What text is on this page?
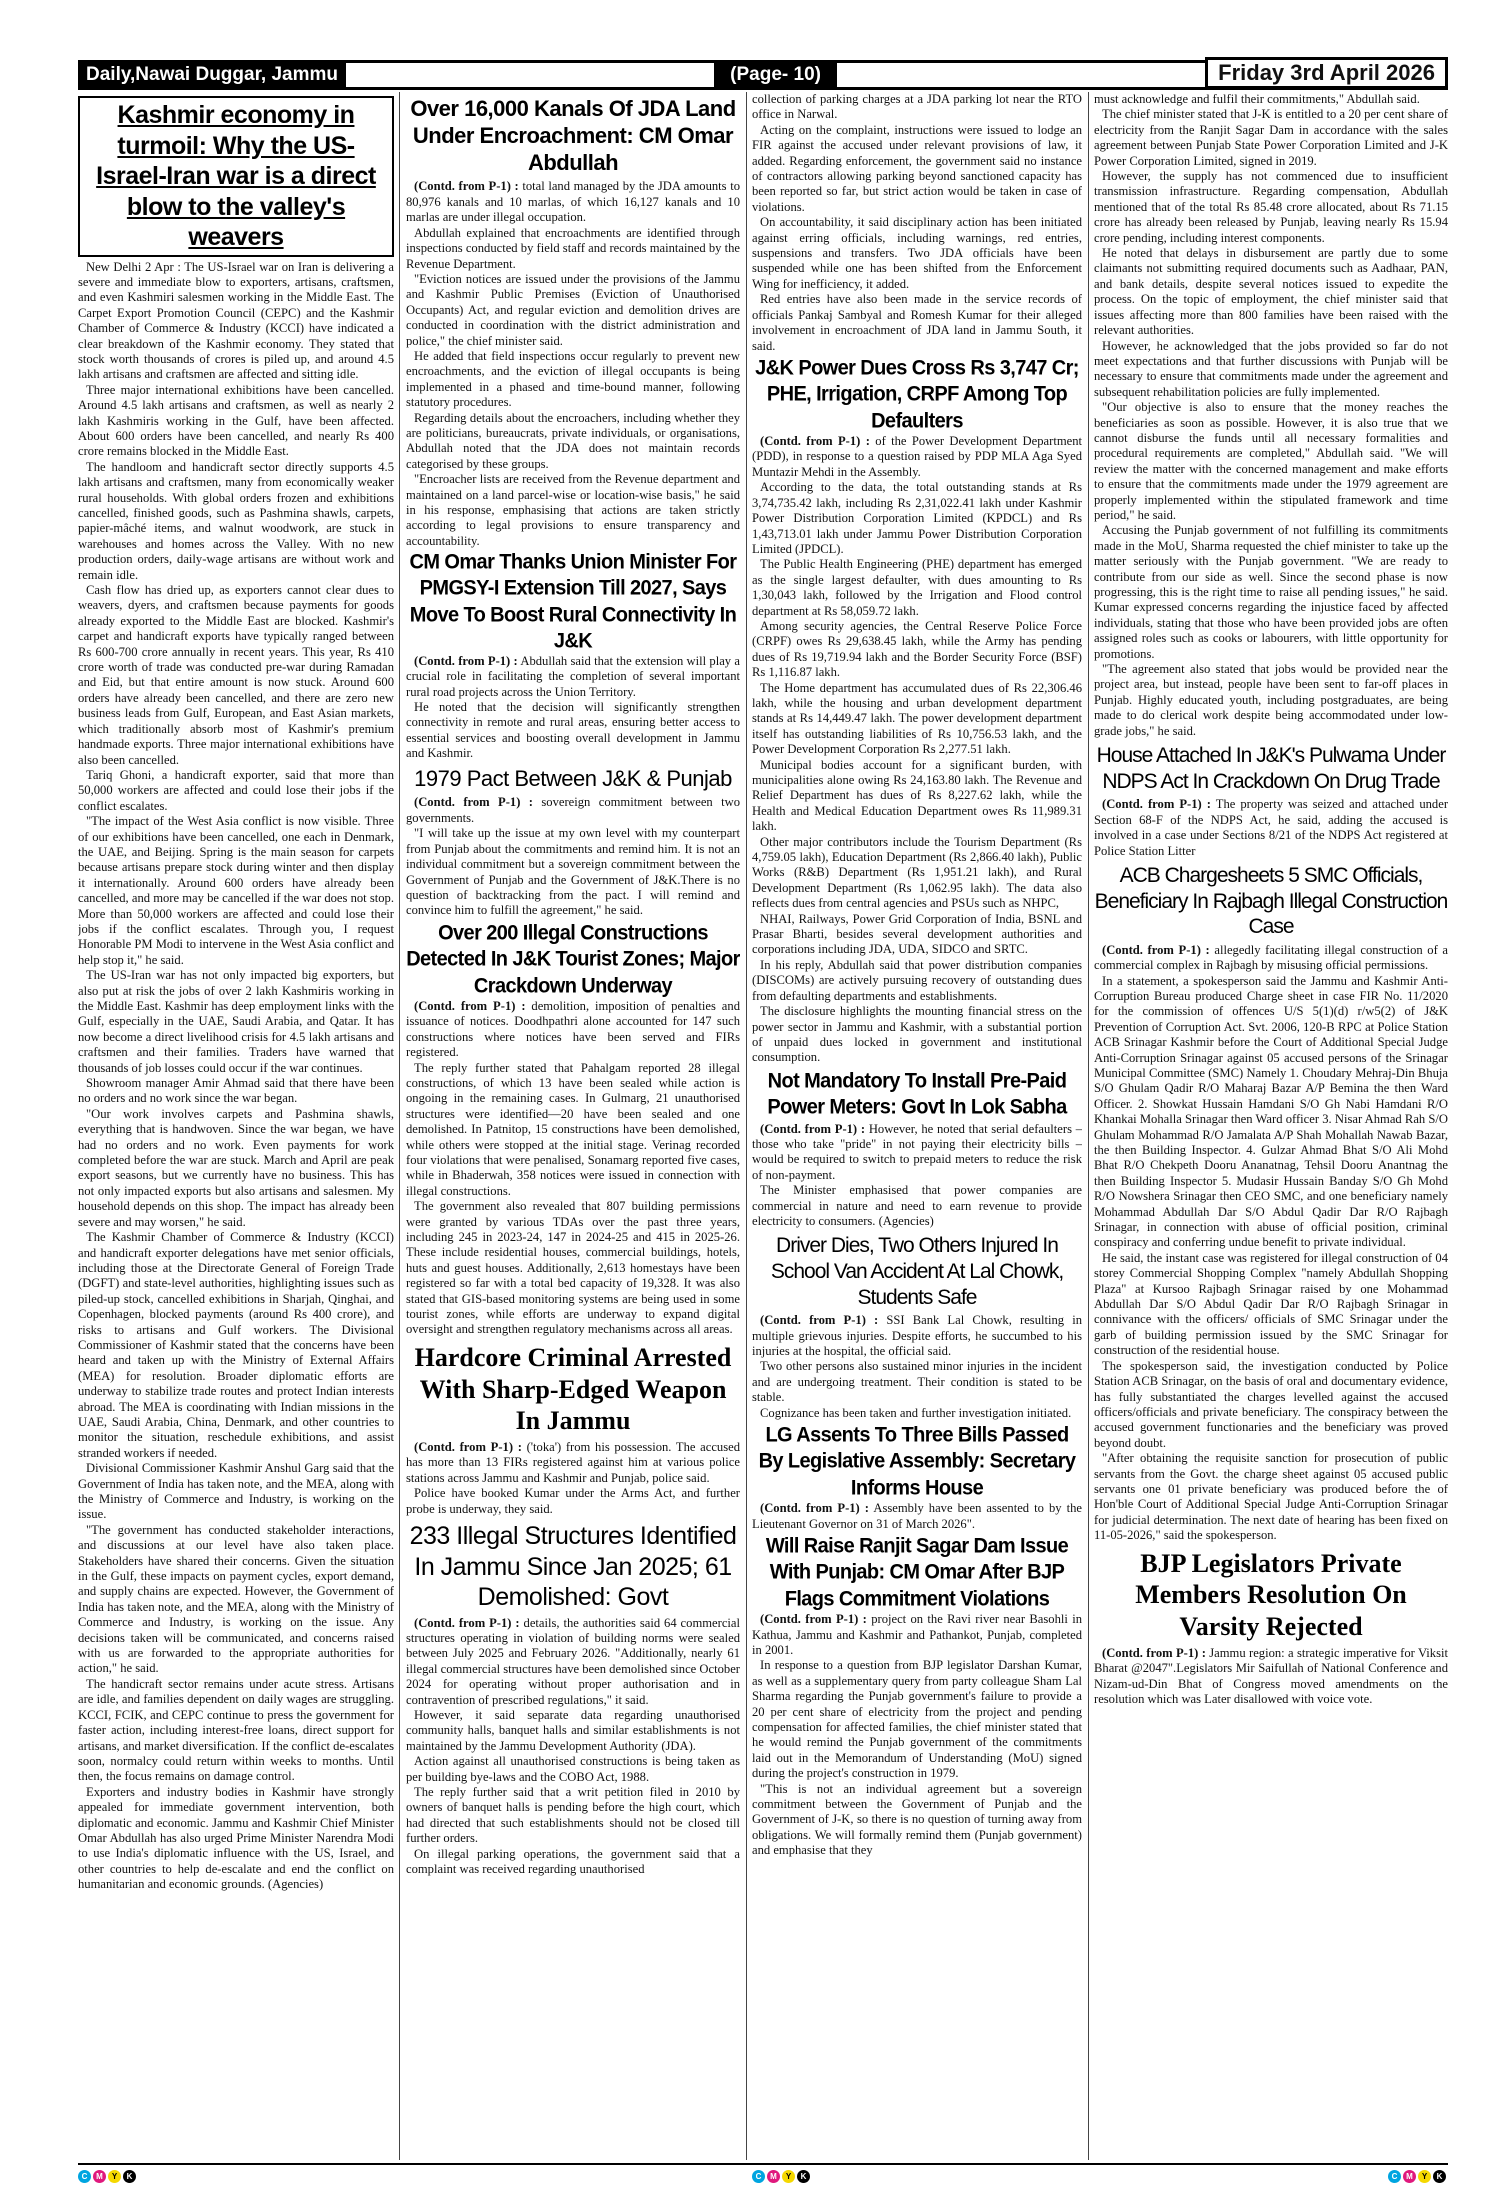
Daily,Nawai Duggar, Jammu	(Page- 10)	Friday 3rd April 2026
Kashmir economy in turmoil: Why the US-Israel-Iran war is a direct blow to the valley's weavers

New Delhi 2 Apr : The US-Israel war on Iran is delivering a severe and immediate blow to exporters, artisans, craftsmen, and even Kashmiri salesmen working in the Middle East. The Carpet Export Promotion Council (CEPC) and the Kashmir Chamber of Commerce & Industry (KCCI) have indicated a clear breakdown of the Kashmir economy. They stated that stock worth thousands of crores is piled up, and around 4.5 lakh artisans and craftsmen are affected and sitting idle.

Three major international exhibitions have been cancelled. Around 4.5 lakh artisans and craftsmen, as well as nearly 2 lakh Kashmiris working in the Gulf, have been affected. About 600 orders have been cancelled, and nearly Rs 400 crore remains blocked in the Middle East.

The handloom and handicraft sector directly supports 4.5 lakh artisans and craftsmen, many from economically weaker rural households. With global orders frozen and exhibitions cancelled, finished goods, such as Pashmina shawls, carpets, papier-mâché items, and walnut woodwork, are stuck in warehouses and homes across the Valley. With no new production orders, daily-wage artisans are without work and remain idle.

Cash flow has dried up, as exporters cannot clear dues to weavers, dyers, and craftsmen because payments for goods already exported to the Middle East are blocked. Kashmir's carpet and handicraft exports have typically ranged between Rs 600-700 crore annually in recent years. This year, Rs 410 crore worth of trade was conducted pre-war during Ramadan and Eid, but that entire amount is now stuck. Around 600 orders have already been cancelled, and there are zero new business leads from Gulf, European, and East Asian markets, which traditionally absorb most of Kashmir's premium handmade exports. Three major international exhibitions have also been cancelled.

Tariq Ghoni, a handicraft exporter, said that more than 50,000 workers are affected and could lose their jobs if the conflict escalates.

"The impact of the West Asia conflict is now visible. Three of our exhibitions have been cancelled, one each in Denmark, the UAE, and Beijing. Spring is the main season for carpets because artisans prepare stock during winter and then display it internationally. Around 600 orders have already been cancelled, and more may be cancelled if the war does not stop. More than 50,000 workers are affected and could lose their jobs if the conflict escalates. Through you, I request Honorable PM Modi to intervene in the West Asia conflict and help stop it," he said.

The US-Iran war has not only impacted big exporters, but also put at risk the jobs of over 2 lakh Kashmiris working in the Middle East. Kashmir has deep employment links with the Gulf, especially in the UAE, Saudi Arabia, and Qatar. It has now become a direct livelihood crisis for 4.5 lakh artisans and craftsmen and their families. Traders have warned that thousands of job losses could occur if the war continues.

Showroom manager Amir Ahmad said that there have been no orders and no work since the war began.

"Our work involves carpets and Pashmina shawls, everything that is handwoven. Since the war began, we have had no orders and no work. Even payments for work completed before the war are stuck. March and April are peak export seasons, but we currently have no business. This has not only impacted exports but also artisans and salesmen. My household depends on this shop. The impact has already been severe and may worsen," he said.

The Kashmir Chamber of Commerce & Industry (KCCI) and handicraft exporter delegations have met senior officials, including those at the Directorate General of Foreign Trade (DGFT) and state-level authorities, highlighting issues such as piled-up stock, cancelled exhibitions in Sharjah, Qinghai, and Copenhagen, blocked payments (around Rs 400 crore), and risks to artisans and Gulf workers. The Divisional Commissioner of Kashmir stated that the concerns have been heard and taken up with the Ministry of External Affairs (MEA) for resolution. Broader diplomatic efforts are underway to stabilize trade routes and protect Indian interests abroad. The MEA is coordinating with Indian missions in the UAE, Saudi Arabia, China, Denmark, and other countries to monitor the situation, reschedule exhibitions, and assist stranded workers if needed.

Divisional Commissioner Kashmir Anshul Garg said that the Government of India has taken note, and the MEA, along with the Ministry of Commerce and Industry, is working on the issue.

"The government has conducted stakeholder interactions, and discussions at our level have also taken place. Stakeholders have shared their concerns. Given the situation in the Gulf, these impacts on payment cycles, export demand, and supply chains are expected. However, the Government of India has taken note, and the MEA, along with the Ministry of Commerce and Industry, is working on the issue. Any decisions taken will be communicated, and concerns raised with us are forwarded to the appropriate authorities for action," he said.

The handicraft sector remains under acute stress. Artisans are idle, and families dependent on daily wages are struggling. KCCI, FCIK, and CEPC continue to press the government for faster action, including interest-free loans, direct support for artisans, and market diversification. If the conflict de-escalates soon, normalcy could return within weeks to months. Until then, the focus remains on damage control.

Exporters and industry bodies in Kashmir have strongly appealed for immediate government intervention, both diplomatic and economic. Jammu and Kashmir Chief Minister Omar Abdullah has also urged Prime Minister Narendra Modi to use India's diplomatic influence with the US, Israel, and other countries to help de-escalate and end the conflict on humanitarian and economic grounds. (Agencies)

Over 16,000 Kanals Of JDA Land Under Encroachment: CM Omar Abdullah

(Contd. from P-1) : total land managed by the JDA amounts to 80,976 kanals and 10 marlas, of which 16,127 kanals and 10 marlas are under illegal occupation.

Abdullah explained that encroachments are identified through inspections conducted by field staff and records maintained by the Revenue Department.

"Eviction notices are issued under the provisions of the Jammu and Kashmir Public Premises (Eviction of Unauthorised Occupants) Act, and regular eviction and demolition drives are conducted in coordination with the district administration and police," the chief minister said.

He added that field inspections occur regularly to prevent new encroachments, and the eviction of illegal occupants is being implemented in a phased and time-bound manner, following statutory procedures.

Regarding details about the encroachers, including whether they are politicians, bureaucrats, private individuals, or organisations, Abdullah noted that the JDA does not maintain records categorised by these groups.

"Encroacher lists are received from the Revenue department and maintained on a land parcel-wise or location-wise basis," he said in his response, emphasising that actions are taken strictly according to legal provisions to ensure transparency and accountability.

CM Omar Thanks Union Minister For PMGSY-I Extension Till 2027, Says Move To Boost Rural Connectivity In J&K

(Contd. from P-1) : Abdullah said that the extension will play a crucial role in facilitating the completion of several important rural road projects across the Union Territory.

He noted that the decision will significantly strengthen connectivity in remote and rural areas, ensuring better access to essential services and boosting overall development in Jammu and Kashmir.

1979 Pact Between J&K & Punjab

(Contd. from P-1) : sovereign commitment between two governments.

"I will take up the issue at my own level with my counterpart from Punjab about the commitments and remind him. It is not an individual commitment but a sovereign commitment between the Government of Punjab and the Government of J&K.There is no question of backtracking from the pact. I will remind and convince him to fulfill the agreement," he said.

Over 200 Illegal Constructions Detected In J&K Tourist Zones; Major Crackdown Underway

(Contd. from P-1) : demolition, imposition of penalties and issuance of notices. Doodhpathri alone accounted for 147 such constructions where notices have been served and FIRs registered.

The reply further stated that Pahalgam reported 28 illegal constructions, of which 13 have been sealed while action is ongoing in the remaining cases. In Gulmarg, 21 unauthorised structures were identified—20 have been sealed and one demolished. In Patnitop, 15 constructions have been demolished, while others were stopped at the initial stage. Verinag recorded four violations that were penalised, Sonamarg reported five cases, while in Bhaderwah, 358 notices were issued in connection with illegal constructions.

The government also revealed that 807 building permissions were granted by various TDAs over the past three years, including 245 in 2023-24, 147 in 2024-25 and 415 in 2025-26. These include residential houses, commercial buildings, hotels, huts and guest houses. Additionally, 2,613 homestays have been registered so far with a total bed capacity of 19,328. It was also stated that GIS-based monitoring systems are being used in some tourist zones, while efforts are underway to expand digital oversight and strengthen regulatory mechanisms across all areas.

Hardcore Criminal Arrested With Sharp-Edged Weapon In Jammu

(Contd. from P-1) : ('toka') from his possession. The accused has more than 13 FIRs registered against him at various police stations across Jammu and Kashmir and Punjab, police said.

Police have booked Kumar under the Arms Act, and further probe is underway, they said.

233 Illegal Structures Identified In Jammu Since Jan 2025; 61 Demolished: Govt

(Contd. from P-1) : details, the authorities said 64 commercial structures operating in violation of building norms were sealed between July 2025 and February 2026. "Additionally, nearly 61 illegal commercial structures have been demolished since October 2024 for operating without proper authorisation and in contravention of prescribed regulations," it said.

However, it said separate data regarding unauthorised community halls, banquet halls and similar establishments is not maintained by the Jammu Development Authority (JDA).

Action against all unauthorised constructions is being taken as per building bye-laws and the COBO Act, 1988.

The reply further said that a writ petition filed in 2010 by owners of banquet halls is pending before the high court, which had directed that such establishments should not be closed till further orders.

On illegal parking operations, the government said that a complaint was received regarding unauthorised

collection of parking charges at a JDA parking lot near the RTO office in Narwal.

Acting on the complaint, instructions were issued to lodge an FIR against the accused under relevant provisions of law, it added. Regarding enforcement, the government said no instance of contractors allowing parking beyond sanctioned capacity has been reported so far, but strict action would be taken in case of violations.

On accountability, it said disciplinary action has been initiated against erring officials, including warnings, red entries, suspensions and transfers. Two JDA officials have been suspended while one has been shifted from the Enforcement Wing for inefficiency, it added.

Red entries have also been made in the service records of officials Pankaj Sambyal and Romesh Kumar for their alleged involvement in encroachment of JDA land in Jammu South, it said.

J&K Power Dues Cross Rs 3,747 Cr; PHE, Irrigation, CRPF Among Top Defaulters

(Contd. from P-1) : of the Power Development Department (PDD), in response to a question raised by PDP MLA Aga Syed Muntazir Mehdi in the Assembly.

According to the data, the total outstanding stands at Rs 3,74,735.42 lakh, including Rs 2,31,022.41 lakh under Kashmir Power Distribution Corporation Limited (KPDCL) and Rs 1,43,713.01 lakh under Jammu Power Distribution Corporation Limited (JPDCL).

The Public Health Engineering (PHE) department has emerged as the single largest defaulter, with dues amounting to Rs 1,30,043 lakh, followed by the Irrigation and Flood control department at Rs 58,059.72 lakh.

Among security agencies, the Central Reserve Police Force (CRPF) owes Rs 29,638.45 lakh, while the Army has pending dues of Rs 19,719.94 lakh and the Border Security Force (BSF) Rs 1,116.87 lakh.

The Home department has accumulated dues of Rs 22,306.46 lakh, while the housing and urban development department stands at Rs 14,449.47 lakh. The power development department itself has outstanding liabilities of Rs 10,756.53 lakh, and the Power Development Corporation Rs 2,277.51 lakh.

Municipal bodies account for a significant burden, with municipalities alone owing Rs 24,163.80 lakh. The Revenue and Relief Department has dues of Rs 8,227.62 lakh, while the Health and Medical Education Department owes Rs 11,989.31 lakh.

Other major contributors include the Tourism Department (Rs 4,759.05 lakh), Education Department (Rs 2,866.40 lakh), Public Works (R&B) Department (Rs 1,951.21 lakh), and Rural Development Department (Rs 1,062.95 lakh). The data also reflects dues from central agencies and PSUs such as NHPC,

NHAI, Railways, Power Grid Corporation of India, BSNL and Prasar Bharti, besides several development authorities and corporations including JDA, UDA, SIDCO and SRTC.

In his reply, Abdullah said that power distribution companies (DISCOMs) are actively pursuing recovery of outstanding dues from defaulting departments and establishments.

The disclosure highlights the mounting financial stress on the power sector in Jammu and Kashmir, with a substantial portion of unpaid dues locked in government and institutional consumption.

Not Mandatory To Install Pre-Paid Power Meters: Govt In Lok Sabha

(Contd. from P-1) : However, he noted that serial defaulters – those who take "pride" in not paying their electricity bills – would be required to switch to prepaid meters to reduce the risk of non-payment.

The Minister emphasised that power companies are commercial in nature and need to earn revenue to provide electricity to consumers. (Agencies)

Driver Dies, Two Others Injured In School Van Accident At Lal Chowk, Students Safe

(Contd. from P-1) : SSI Bank Lal Chowk, resulting in multiple grievous injuries. Despite efforts, he succumbed to his injuries at the hospital, the official said.

Two other persons also sustained minor injuries in the incident and are undergoing treatment. Their condition is stated to be stable.

Cognizance has been taken and further investigation initiated.

LG Assents To Three Bills Passed By Legislative Assembly: Secretary Informs House

(Contd. from P-1) : Assembly have been assented to by the Lieutenant Governor on 31 of March 2026".

Will Raise Ranjit Sagar Dam Issue With Punjab: CM Omar After BJP Flags Commitment Violations

(Contd. from P-1) : project on the Ravi river near Basohli in Kathua, Jammu and Kashmir and Pathankot, Punjab, completed in 2001.

In response to a question from BJP legislator Darshan Kumar, as well as a supplementary query from party colleague Sham Lal Sharma regarding the Punjab government's failure to provide a 20 per cent share of electricity from the project and pending compensation for affected families, the chief minister stated that he would remind the Punjab government of the commitments laid out in the Memorandum of Understanding (MoU) signed during the project's construction in 1979.

"This is not an individual agreement but a sovereign commitment between the Government of Punjab and the Government of J-K, so there is no question of turning away from obligations. We will formally remind them (Punjab government) and emphasise that they

must acknowledge and fulfil their commitments," Abdullah said.

The chief minister stated that J-K is entitled to a 20 per cent share of electricity from the Ranjit Sagar Dam in accordance with the sales agreement between Punjab State Power Corporation Limited and J-K Power Corporation Limited, signed in 2019.

However, the supply has not commenced due to insufficient transmission infrastructure. Regarding compensation, Abdullah mentioned that of the total Rs 85.48 crore allocated, about Rs 71.15 crore has already been released by Punjab, leaving nearly Rs 15.94 crore pending, including interest components.

He noted that delays in disbursement are partly due to some claimants not submitting required documents such as Aadhaar, PAN, and bank details, despite several notices issued to expedite the process. On the topic of employment, the chief minister said that issues affecting more than 800 families have been raised with the relevant authorities.

However, he acknowledged that the jobs provided so far do not meet expectations and that further discussions with Punjab will be necessary to ensure that commitments made under the agreement and subsequent rehabilitation policies are fully implemented.

"Our objective is also to ensure that the money reaches the beneficiaries as soon as possible. However, it is also true that we cannot disburse the funds until all necessary formalities and procedural requirements are completed," Abdullah said. "We will review the matter with the concerned management and make efforts to ensure that the commitments made under the 1979 agreement are properly implemented within the stipulated framework and time period," he said.

Accusing the Punjab government of not fulfilling its commitments made in the MoU, Sharma requested the chief minister to take up the matter seriously with the Punjab government. "We are ready to contribute from our side as well. Since the second phase is now progressing, this is the right time to raise all pending issues," he said. Kumar expressed concerns regarding the injustice faced by affected individuals, stating that those who have been provided jobs are often assigned roles such as cooks or labourers, with little opportunity for promotions.

"The agreement also stated that jobs would be provided near the project area, but instead, people have been sent to far-off places in Punjab. Highly educated youth, including postgraduates, are being made to do clerical work despite being accommodated under low-grade jobs," he said.

House Attached In J&K's Pulwama Under NDPS Act In Crackdown On Drug Trade

(Contd. from P-1) : The property was seized and attached under Section 68-F of the NDPS Act, he said, adding the accused is involved in a case under Sections 8/21 of the NDPS Act registered at Police Station Litter

ACB Chargesheets 5 SMC Officials, Beneficiary In Rajbagh Illegal Construction Case

(Contd. from P-1) : allegedly facilitating illegal construction of a commercial complex in Rajbagh by misusing official permissions.

In a statement, a spokesperson said the Jammu and Kashmir Anti-Corruption Bureau produced Charge sheet in case FIR No. 11/2020 for the commission of offences U/S 5(1)(d) r/w5(2) of J&K Prevention of Corruption Act. Svt. 2006, 120-B RPC at Police Station ACB Srinagar Kashmir before the Court of Additional Special Judge Anti-Corruption Srinagar against 05 accused persons of the Srinagar Municipal Committee (SMC) Namely 1. Choudary Mehraj-Din Bhuja S/O Ghulam Qadir R/O Maharaj Bazar A/P Bemina the then Ward Officer. 2. Showkat Hussain Hamdani S/O Gh Nabi Hamdani R/O Khankai Mohalla Srinagar then Ward officer 3. Nisar Ahmad Rah S/O Ghulam Mohammad R/O Jamalata A/P Shah Mohallah Nawab Bazar, the then Building Inspector. 4. Gulzar Ahmad Bhat S/O Ali Mohd Bhat R/O Chekpeth Dooru Ananatnag, Tehsil Dooru Anantnag the then Building Inspector 5. Mudasir Hussain Banday S/O Gh Mohd R/O Nowshera Srinagar then CEO SMC, and one beneficiary namely Mohammad Abdullah Dar S/O Abdul Qadir Dar R/O Rajbagh Srinagar, in connection with abuse of official position, criminal conspiracy and conferring undue benefit to private individual.

He said, the instant case was registered for illegal construction of 04 storey Commercial Shopping Complex "namely Abdullah Shopping Plaza" at Kursoo Rajbagh Srinagar raised by one Mohammad Abdullah Dar S/O Abdul Qadir Dar R/O Rajbagh Srinagar in connivance with the officers/ officials of SMC Srinagar under the garb of building permission issued by the SMC Srinagar for construction of the residential house.

The spokesperson said, the investigation conducted by Police Station ACB Srinagar, on the basis of oral and documentary evidence, has fully substantiated the charges levelled against the accused officers/officials and private beneficiary. The conspiracy between the accused government functionaries and the beneficiary was proved beyond doubt.

"After obtaining the requisite sanction for prosecution of public servants from the Govt. the charge sheet against 05 accused public servants one 01 private beneficiary was produced before the of Hon'ble Court of Additional Special Judge Anti-Corruption Srinagar for judicial determination. The next date of hearing has been fixed on 11-05-2026," said the spokesperson.

BJP Legislators Private Members Resolution On Varsity Rejected

(Contd. from P-1) : Jammu region: a strategic imperative for Viksit Bharat @2047".Legislators Mir Saifullah of National Conference and Nizam-ud-Din Bhat of Congress moved amendments on the resolution which was Later disallowed with voice vote.

C	M	Y	K	C	M	Y	K	C	M	Y	K
